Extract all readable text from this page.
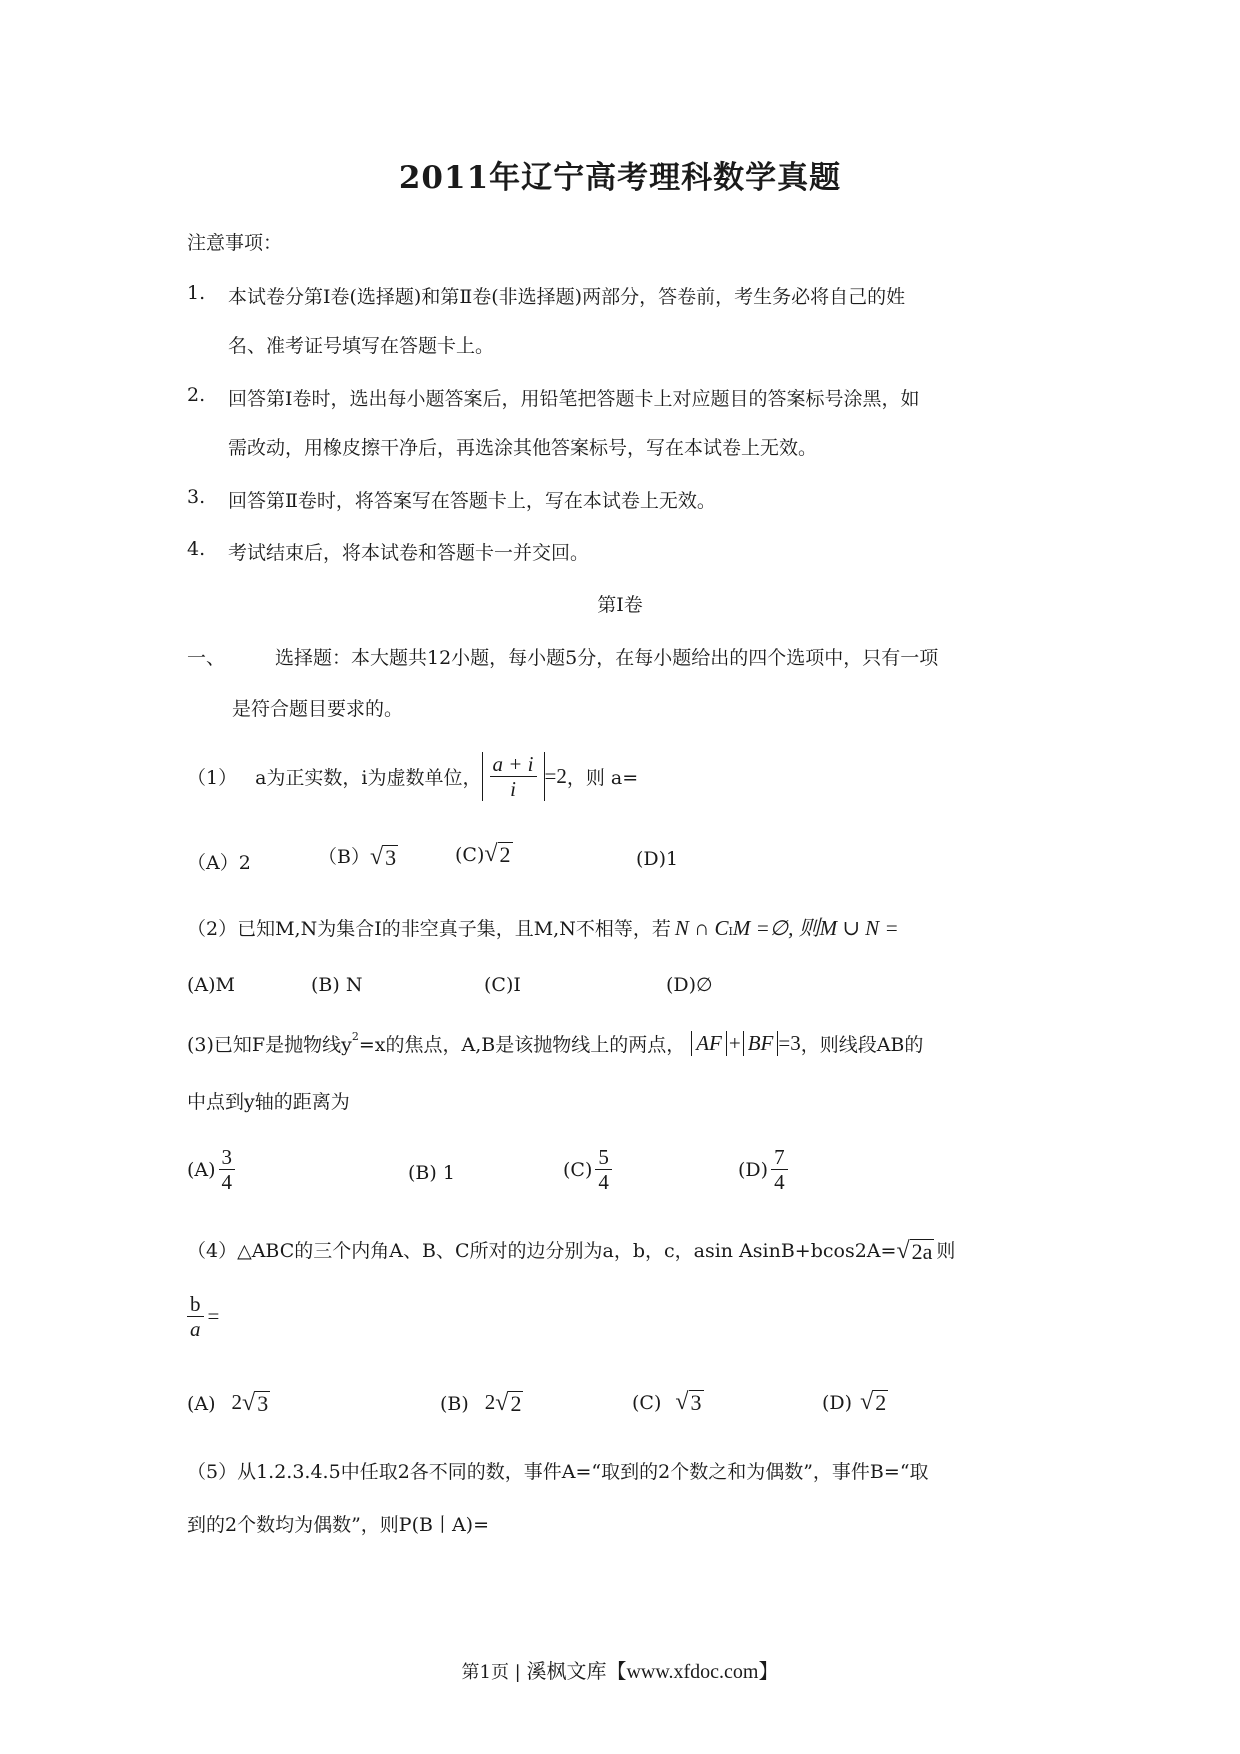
2011年辽宁高考理科数学真题
注意事项：
1. 本试卷分第Ⅰ卷(选择题)和第Ⅱ卷(非选择题)两部分，答卷前，考生务必将自己的姓
名、准考证号填写在答题卡上。
2. 回答第Ⅰ卷时，选出每小题答案后，用铅笔把答题卡上对应题目的答案标号涂黑，如
需改动，用橡皮擦干净后，再选涂其他答案标号，写在本试卷上无效。
3. 回答第Ⅱ卷时，将答案写在答题卡上，写在本试卷上无效。
4. 考试结束后，将本试卷和答题卡一并交回。
第Ⅰ卷
一、	选择题：本大题共12小题，每小题5分，在每小题给出的四个选项中，只有一项
是符合题目要求的。
（1） a为正实数，i为虚数单位， $\frac{a + i}{i} =2$ ，则 a=
（A）2	（B） √ 3	(C) √ 2	(D)1
（2）已知M,N为集合I的非空真子集，且M,N不相等，若 N ∩ C I M =∅, 则M ∪ N =
(A)M	(B) N	(C)I	(D)∅
(3)已知F是抛物线$y^2 =x$的焦点，A,B是该抛物线上的两点， AF + BF =3 ，则线段AB的
中点到y轴的距离为
$(A) \frac{3}{4}$	(B) 1	$(C) \frac{5}{4}$	$(D) \frac{7}{4}$
（4）△ABC的三个内角A、B、C所对的边分别为a，b，c，asin AsinB+bcos2A= √ 2a 则
$\frac{b}{a}$ =
(A) 2 √ 3	(B) 2 √ 2	(C) √ 3	(D) √ 2
（5）从1.2.3.4.5中任取2各不同的数，事件A=“取到的2个数之和为偶数”，事件B=“取
到的2个数均为偶数”，则P(B丨A)=
第1页 | 溪枫文库【www.xfdoc.com】
